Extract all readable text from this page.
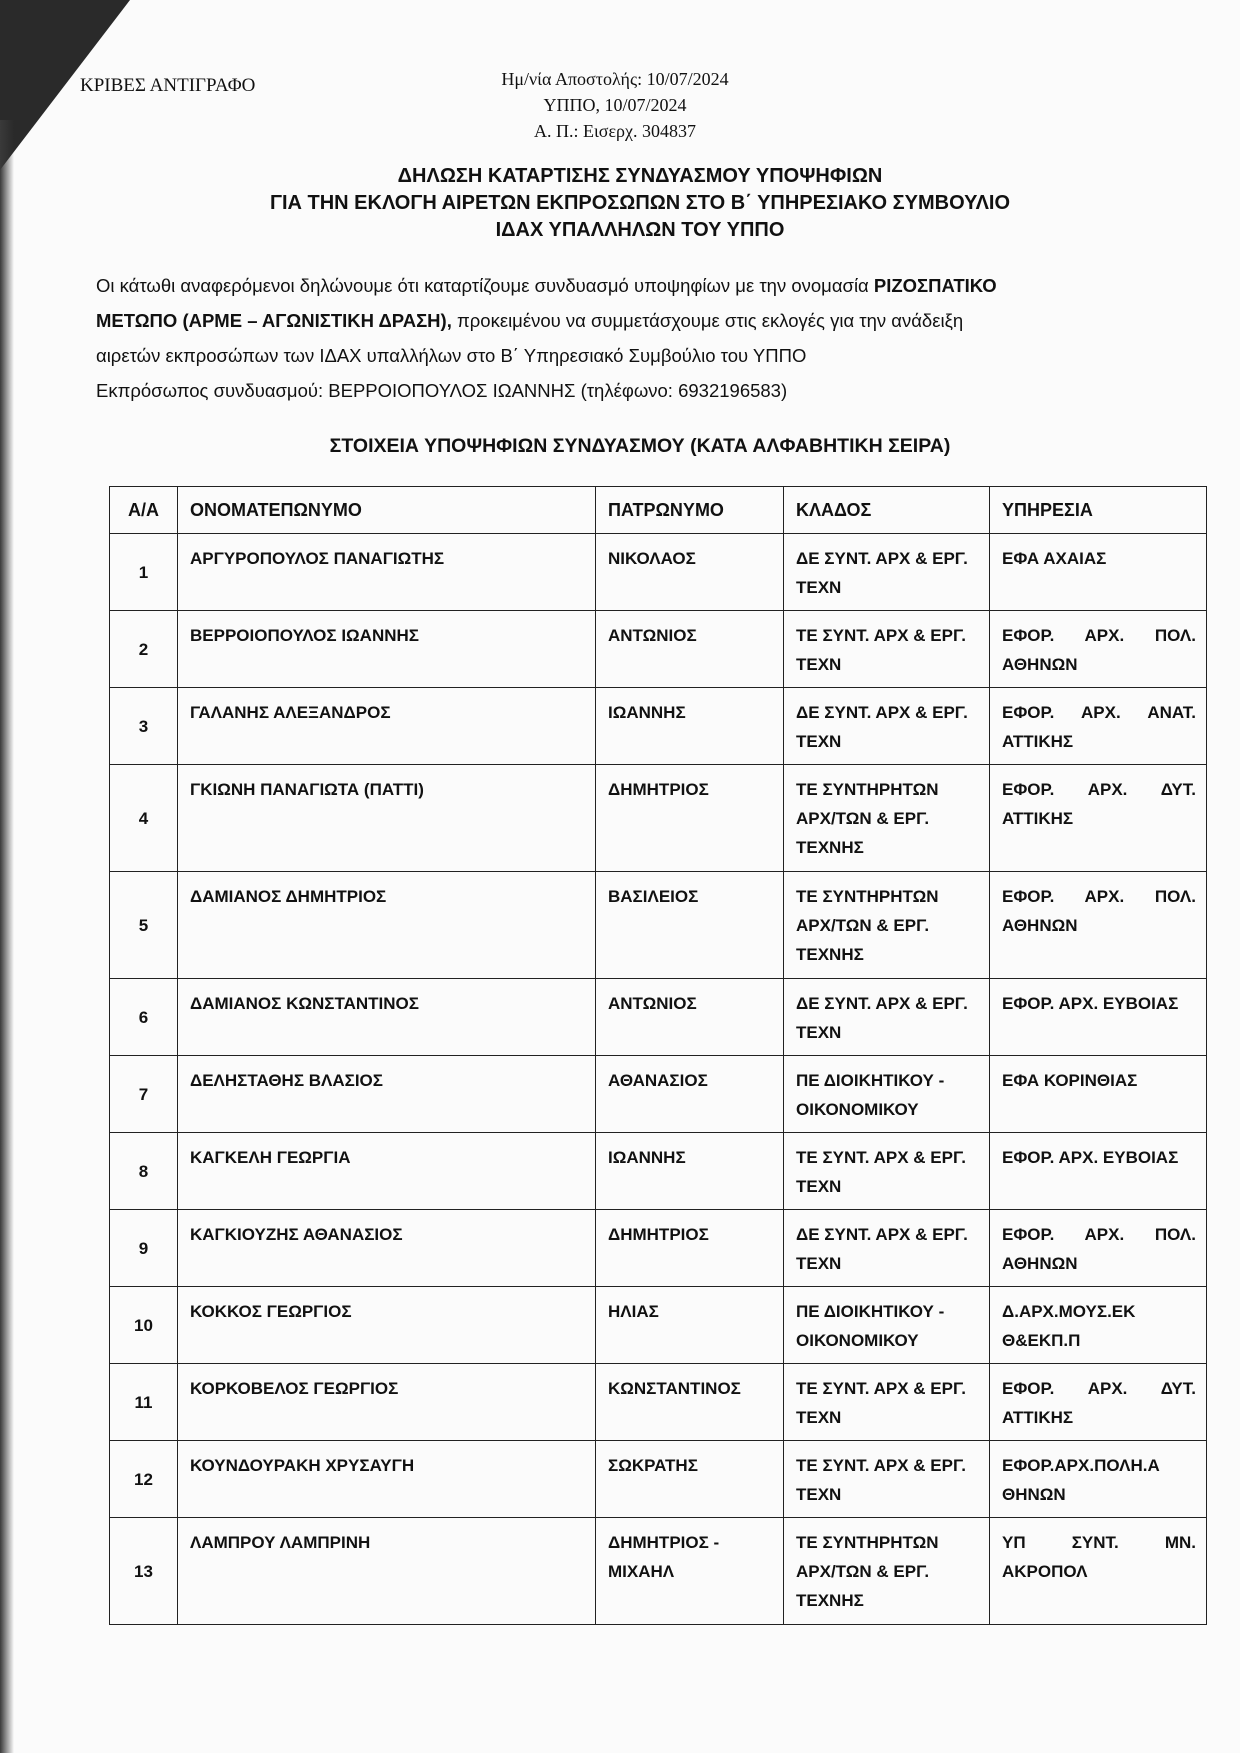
ΚΡΙΒΕΣ ΑΝΤΙΓΡΑΦΟ	Ημ/νία Αποστολής: 10/07/2024
ΥΠΠΟ, 10/07/2024
Α. Π.: Εισερχ. 304837
ΔΗΛΩΣΗ ΚΑΤΑΡΤΙΣΗΣ ΣΥΝΔΥΑΣΜΟΥ ΥΠΟΨΗΦΙΩΝ
ΓΙΑ ΤΗΝ ΕΚΛΟΓΗ ΑΙΡΕΤΩΝ ΕΚΠΡΟΣΩΠΩΝ ΣΤΟ Β΄ ΥΠΗΡΕΣΙΑΚΟ ΣΥΜΒΟΥΛΙΟ
ΙΔΑΧ ΥΠΑΛΛΗΛΩΝ ΤΟΥ ΥΠΠΟ

Οι κάτωθι αναφερόμενοι δηλώνουμε ότι καταρτίζουμε συνδυασμό υποψηφίων με την ονομασία ΡΙΖΟΣΠΑΤΙΚΟ

ΜΕΤΩΠΟ (ΑΡΜΕ – ΑΓΩΝΙΣΤΙΚΗ ΔΡΑΣΗ), προκειμένου να συμμετάσχουμε στις εκλογές για την ανάδειξη

αιρετών εκπροσώπων των ΙΔΑΧ υπαλλήλων στο Β΄ Υπηρεσιακό Συμβούλιο του ΥΠΠΟ

Εκπρόσωπος συνδυασμού: ΒΕΡΡΟΙΟΠΟΥΛΟΣ ΙΩΑΝΝΗΣ (τηλέφωνο: 6932196583)

ΣΤΟΙΧΕΙΑ ΥΠΟΨΗΦΙΩΝ ΣΥΝΔΥΑΣΜΟΥ (ΚΑΤΑ ΑΛΦΑΒΗΤΙΚΗ ΣΕΙΡΑ)
Α/Α	ΟΝΟΜΑΤΕΠΩΝΥΜΟ	ΠΑΤΡΩΝΥΜΟ	ΚΛΑΔΟΣ	ΥΠΗΡΕΣΙΑ
1	ΑΡΓΥΡΟΠΟΥΛΟΣ ΠΑΝΑΓΙΩΤΗΣ	ΝΙΚΟΛΑΟΣ	ΔΕ ΣΥΝΤ. ΑΡΧ & ΕΡΓ. ΤΕΧΝ	ΕΦΑ ΑΧΑΙΑΣ
2	ΒΕΡΡΟΙΟΠΟΥΛΟΣ ΙΩΑΝΝΗΣ	ΑΝΤΩΝΙΟΣ	ΤΕ ΣΥΝΤ. ΑΡΧ & ΕΡΓ. ΤΕΧΝ	ΕΦΟΡ. ΑΡΧ. ΠΟΛ. ΑΘΗΝΩΝ
3	ΓΑΛΑΝΗΣ ΑΛΕΞΑΝΔΡΟΣ	ΙΩΑΝΝΗΣ	ΔΕ ΣΥΝΤ. ΑΡΧ & ΕΡΓ. ΤΕΧΝ	ΕΦΟΡ. ΑΡΧ. ΑΝΑΤ. ΑΤΤΙΚΗΣ
4	ΓΚΙΩΝΗ ΠΑΝΑΓΙΩΤΑ (ΠΑΤΤΙ)	ΔΗΜΗΤΡΙΟΣ	ΤΕ ΣΥΝΤΗΡΗΤΩΝ ΑΡΧ/ΤΩΝ & ΕΡΓ. ΤΕΧΝΗΣ	ΕΦΟΡ. ΑΡΧ. ΔΥΤ. ΑΤΤΙΚΗΣ
5	ΔΑΜΙΑΝΟΣ ΔΗΜΗΤΡΙΟΣ	ΒΑΣΙΛΕΙΟΣ	ΤΕ ΣΥΝΤΗΡΗΤΩΝ ΑΡΧ/ΤΩΝ & ΕΡΓ. ΤΕΧΝΗΣ	ΕΦΟΡ. ΑΡΧ. ΠΟΛ. ΑΘΗΝΩΝ
6	ΔΑΜΙΑΝΟΣ ΚΩΝΣΤΑΝΤΙΝΟΣ	ΑΝΤΩΝΙΟΣ	ΔΕ ΣΥΝΤ. ΑΡΧ & ΕΡΓ. ΤΕΧΝ	ΕΦΟΡ. ΑΡΧ. ΕΥΒΟΙΑΣ
7	ΔΕΛΗΣΤΑΘΗΣ ΒΛΑΣΙΟΣ	ΑΘΑΝΑΣΙΟΣ	ΠΕ ΔΙΟΙΚΗΤΙΚΟΥ - ΟΙΚΟΝΟΜΙΚΟΥ	ΕΦΑ ΚΟΡΙΝΘΙΑΣ
8	ΚΑΓΚΕΛΗ ΓΕΩΡΓΙΑ	ΙΩΑΝΝΗΣ	ΤΕ ΣΥΝΤ. ΑΡΧ & ΕΡΓ. ΤΕΧΝ	ΕΦΟΡ. ΑΡΧ. ΕΥΒΟΙΑΣ
9	ΚΑΓΚΙΟΥΖΗΣ ΑΘΑΝΑΣΙΟΣ	ΔΗΜΗΤΡΙΟΣ	ΔΕ ΣΥΝΤ. ΑΡΧ & ΕΡΓ. ΤΕΧΝ	ΕΦΟΡ. ΑΡΧ. ΠΟΛ. ΑΘΗΝΩΝ
10	ΚΟΚΚΟΣ ΓΕΩΡΓΙΟΣ	ΗΛΙΑΣ	ΠΕ ΔΙΟΙΚΗΤΙΚΟΥ - ΟΙΚΟΝΟΜΙΚΟΥ	Δ.ΑΡΧ.ΜΟΥΣ.ΕΚ Θ&ΕΚΠ.Π
11	ΚΟΡΚΟΒΕΛΟΣ ΓΕΩΡΓΙΟΣ	ΚΩΝΣΤΑΝΤΙΝΟΣ	ΤΕ ΣΥΝΤ. ΑΡΧ & ΕΡΓ. ΤΕΧΝ	ΕΦΟΡ. ΑΡΧ. ΔΥΤ. ΑΤΤΙΚΗΣ
12	ΚΟΥΝΔΟΥΡΑΚΗ ΧΡΥΣΑΥΓΗ	ΣΩΚΡΑΤΗΣ	ΤΕ ΣΥΝΤ. ΑΡΧ & ΕΡΓ. ΤΕΧΝ	ΕΦΟΡ.ΑΡΧ.ΠΟΛΗ.Α ΘΗΝΩΝ
13	ΛΑΜΠΡΟΥ ΛΑΜΠΡΙΝΗ	ΔΗΜΗΤΡΙΟΣ - ΜΙΧΑΗΛ	ΤΕ ΣΥΝΤΗΡΗΤΩΝ ΑΡΧ/ΤΩΝ & ΕΡΓ. ΤΕΧΝΗΣ	ΥΠ ΣΥΝΤ. ΜΝ. ΑΚΡΟΠΟΛ
